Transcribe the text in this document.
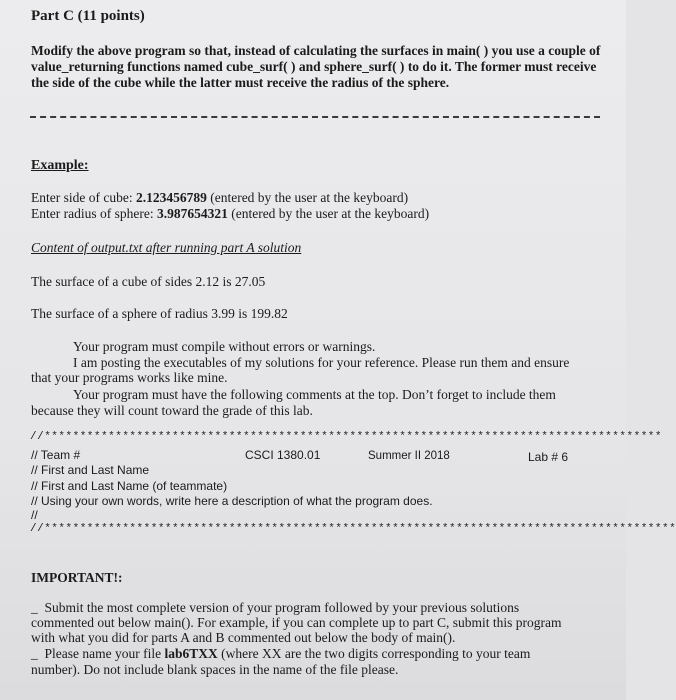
Part C (11 points)
Modify the above program so that, instead of calculating the surfaces in main( ) you use a couple of
value_returning functions named cube_surf( ) and sphere_surf( ) to do it. The former must receive
the side of the cube while the latter must receive the radius of the sphere.
Example:
Enter side of cube: 2.123456789 (entered by the user at the keyboard)
Enter radius of sphere: 3.987654321 (entered by the user at the keyboard)
Content of output.txt after running part A solution
The surface of a cube of sides 2.12 is 27.05
The surface of a sphere of radius 3.99 is 199.82
Your program must compile without errors or warnings.
I am posting the executables of my solutions for your reference. Please run them and ensure
that your programs works like mine.
Your program must have the following comments at the top. Don’t forget to include them
because they will count toward the grade of this lab.
//***************************************************************************************
// Team #	CSCI 1380.01	Summer II 2018	Lab # 6
// First and Last Name
// First and Last Name (of teammate)
// Using your own words, write here a description of what the program does.
//
//*****************************************************************************************
IMPORTANT!:
_  Submit the most complete version of your program followed by your previous solutions
commented out below main(). For example, if you can complete up to part C, submit this program
with what you did for parts A and B commented out below the body of main().
_  Please name your file lab6TXX (where XX are the two digits corresponding to your team
number). Do not include blank spaces in the name of the file please.
